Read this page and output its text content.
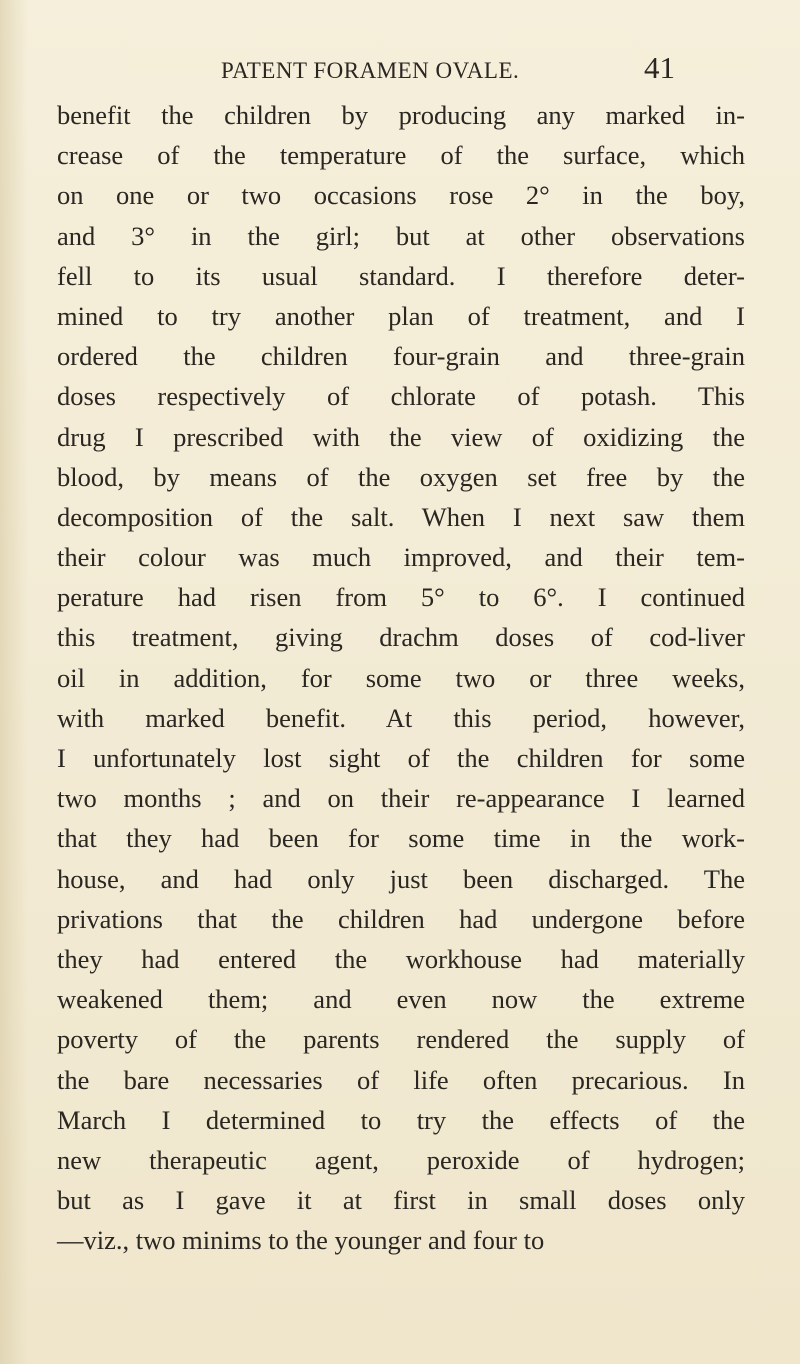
PATENT FORAMEN OVALE.	41
benefit the children by producing any marked in-
crease of the temperature of the surface, which
on one or two occasions rose 2° in the boy,
and 3° in the girl; but at other observations
fell to its usual standard. I therefore deter-
mined to try another plan of treatment, and I
ordered the children four-grain and three-grain
doses respectively of chlorate of potash. This
drug I prescribed with the view of oxidizing the
blood, by means of the oxygen set free by the
decomposition of the salt. When I next saw them
their colour was much improved, and their tem-
perature had risen from 5° to 6°. I continued
this treatment, giving drachm doses of cod-liver
oil in addition, for some two or three weeks,
with marked benefit. At this period, however,
I unfortunately lost sight of the children for some
two months ; and on their re-appearance I learned
that they had been for some time in the work-
house, and had only just been discharged. The
privations that the children had undergone before
they had entered the workhouse had materially
weakened them; and even now the extreme
poverty of the parents rendered the supply of
the bare necessaries of life often precarious. In
March I determined to try the effects of the
new therapeutic agent, peroxide of hydrogen;
but as I gave it at first in small doses only
—viz., two minims to the younger and four to
